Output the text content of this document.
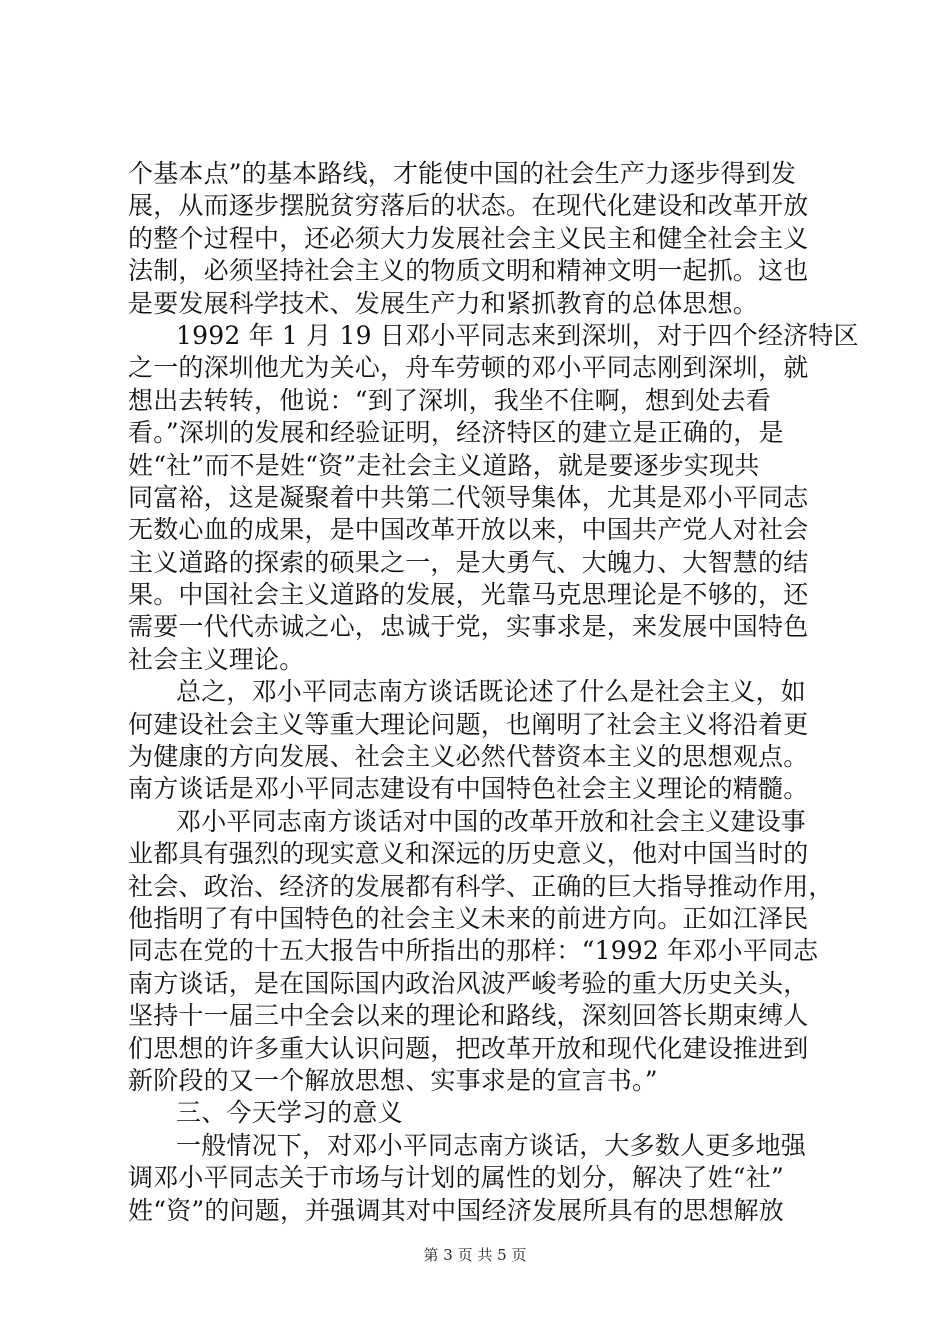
个基本点”的基本路线，才能使中国的社会生产力逐步得到发
展，从而逐步摆脱贫穷落后的状态。在现代化建设和改革开放
的整个过程中，还必须大力发展社会主义民主和健全社会主义
法制，必须坚持社会主义的物质文明和精神文明一起抓。这也
是要发展科学技术、发展生产力和紧抓教育的总体思想。
1992 年 1 月 19 日邓小平同志来到深圳，对于四个经济特区
之一的深圳他尤为关心，舟车劳顿的邓小平同志刚到深圳，就
想出去转转，他说：“到了深圳，我坐不住啊，想到处去看
看。”深圳的发展和经验证明，经济特区的建立是正确的，是
姓“社”而不是姓“资”走社会主义道路，就是要逐步实现共
同富裕，这是凝聚着中共第二代领导集体，尤其是邓小平同志
无数心血的成果，是中国改革开放以来，中国共产党人对社会
主义道路的探索的硕果之一，是大勇气、大魄力、大智慧的结
果。中国社会主义道路的发展，光靠马克思理论是不够的，还
需要一代代赤诚之心，忠诚于党，实事求是，来发展中国特色
社会主义理论。
总之，邓小平同志南方谈话既论述了什么是社会主义，如
何建设社会主义等重大理论问题，也阐明了社会主义将沿着更
为健康的方向发展、社会主义必然代替资本主义的思想观点。
南方谈话是邓小平同志建设有中国特色社会主义理论的精髓。
邓小平同志南方谈话对中国的改革开放和社会主义建设事
业都具有强烈的现实意义和深远的历史意义，他对中国当时的
社会、政治、经济的发展都有科学、正确的巨大指导推动作用，
他指明了有中国特色的社会主义未来的前进方向。正如江泽民
同志在党的十五大报告中所指出的那样：“1992 年邓小平同志
南方谈话，是在国际国内政治风波严峻考验的重大历史关头，
坚持十一届三中全会以来的理论和路线，深刻回答长期束缚人
们思想的许多重大认识问题，把改革开放和现代化建设推进到
新阶段的又一个解放思想、实事求是的宣言书。”
三、今天学习的意义
一般情况下，对邓小平同志南方谈话，大多数人更多地强
调邓小平同志关于市场与计划的属性的划分，解决了姓“社”
姓“资”的问题，并强调其对中国经济发展所具有的思想解放
第 3 页 共 5 页
